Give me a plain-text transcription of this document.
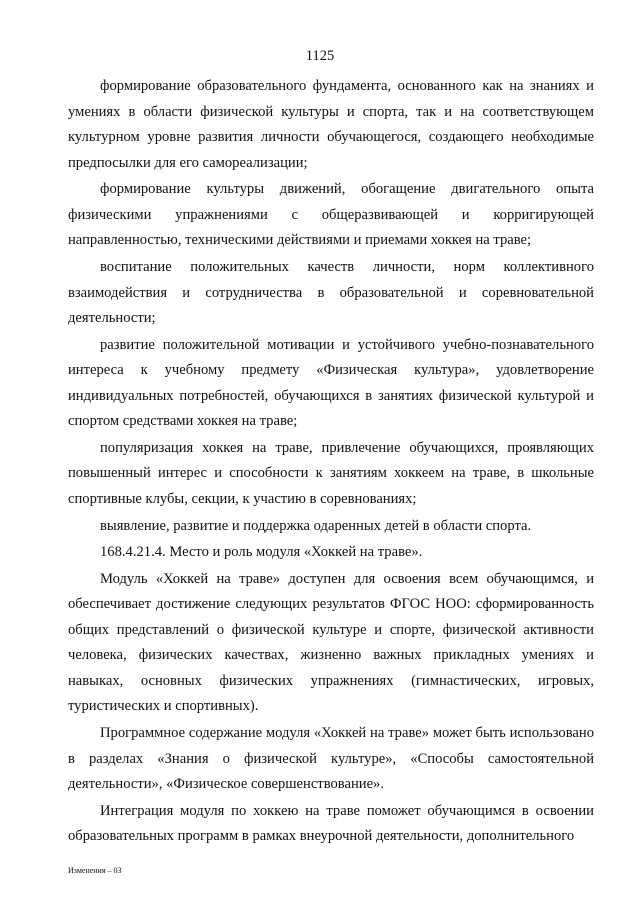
1125

формирование образовательного фундамента, основанного как на знаниях и умениях в области физической культуры и спорта, так и на соответствующем культурном уровне развития личности обучающегося, создающего необходимые предпосылки для его самореализации;

формирование культуры движений, обогащение двигательного опыта физическими упражнениями с общеразвивающей и корригирующей направленностью, техническими действиями и приемами хоккея на траве;

воспитание положительных качеств личности, норм коллективного взаимодействия и сотрудничества в образовательной и соревновательной деятельности;

развитие положительной мотивации и устойчивого учебно-познавательного интереса к учебному предмету «Физическая культура», удовлетворение индивидуальных потребностей, обучающихся в занятиях физической культурой и спортом средствами хоккея на траве;

популяризация хоккея на траве, привлечение обучающихся, проявляющих повышенный интерес и способности к занятиям хоккеем на траве, в школьные спортивные клубы, секции, к участию в соревнованиях;

выявление, развитие и поддержка одаренных детей в области спорта.

168.4.21.4. Место и роль модуля «Хоккей на траве».

Модуль «Хоккей на траве» доступен для освоения всем обучающимся, и обеспечивает достижение следующих результатов ФГОС НОО: сформированность общих представлений о физической культуре и спорте, физической активности человека, физических качествах, жизненно важных прикладных умениях и навыках, основных физических упражнениях (гимнастических, игровых, туристических и спортивных).

Программное содержание модуля «Хоккей на траве» может быть использовано в разделах «Знания о физической культуре», «Способы самостоятельной деятельности», «Физическое совершенствование».

Интеграция модуля по хоккею на траве поможет обучающимся в освоении образовательных программ в рамках внеурочной деятельности, дополнительного

Изменения – 03
